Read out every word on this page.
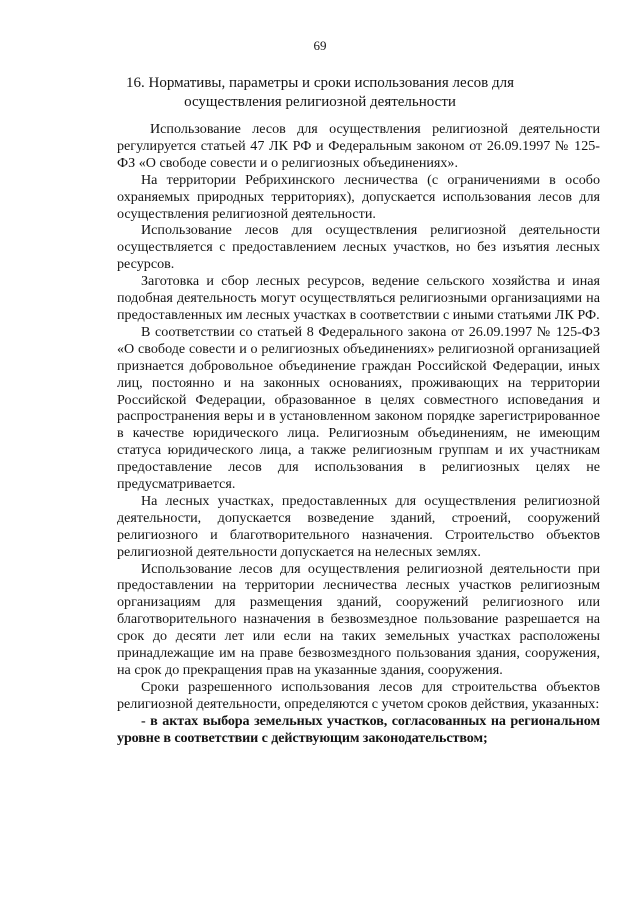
69
16. Нормативы, параметры и сроки использования лесов для осуществления религиозной деятельности

Использование лесов для осуществления религиозной деятельности регулируется статьей 47 ЛК РФ и Федеральным законом от 26.09.1997 № 125-ФЗ «О свободе совести и о религиозных объединениях».

На территории Ребрихинского лесничества (с ограничениями в особо охраняемых природных территориях), допускается использования лесов для осуществления религиозной деятельности.

Использование лесов для осуществления религиозной деятельности осуществляется с предоставлением лесных участков, но без изъятия лесных ресурсов.

Заготовка и сбор лесных ресурсов, ведение сельского хозяйства и иная подобная деятельность могут осуществляться религиозными организациями на предоставленных им лесных участках в соответствии с иными статьями ЛК РФ.

В соответствии со статьей 8 Федерального закона от 26.09.1997 № 125-ФЗ «О свободе совести и о религиозных объединениях» религиозной организацией признается добровольное объединение граждан Российской Федерации, иных лиц, постоянно и на законных основаниях, проживающих на территории Российской Федерации, образованное в целях совместного исповедания и распространения веры и в установленном законом порядке зарегистрированное в качестве юридического лица. Религиозным объединениям, не имеющим статуса юридического лица, а также религиозным группам и их участникам предоставление лесов для использования в религиозных целях не предусматривается.

На лесных участках, предоставленных для осуществления религиозной деятельности, допускается возведение зданий, строений, сооружений религиозного и благотворительного назначения. Строительство объектов религиозной деятельности допускается на нелесных землях.

Использование лесов для осуществления религиозной деятельности при предоставлении на территории лесничества лесных участков религиозным организациям для размещения зданий, сооружений религиозного или благотворительного назначения в безвозмездное пользование разрешается на срок до десяти лет или если на таких земельных участках расположены принадлежащие им на праве безвозмездного пользования здания, сооружения, на срок до прекращения прав на указанные здания, сооружения.

Сроки разрешенного использования лесов для строительства объектов религиозной деятельности, определяются с учетом сроков действия, указанных:

- в актах выбора земельных участков, согласованных на региональном уровне в соответствии с действующим законодательством;
